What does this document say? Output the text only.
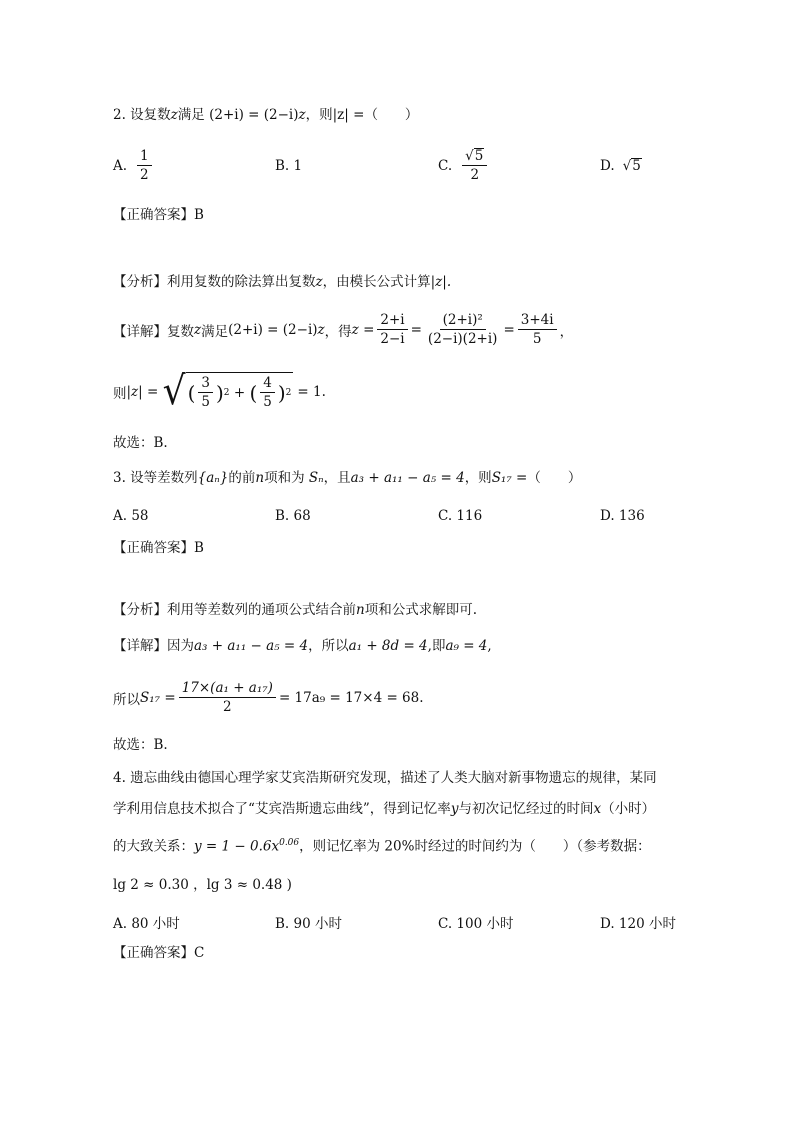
2. 设复数z满足 (2+i) = (2−i)z，则|z| =（　　）
A. $\frac{1}{2}$	B. 1	C. $\frac{√ 5}{2}$	D. √ 5
【正确答案】B
【分析】利用复数的除法算出复数z，由模长公式计算|z|.
【详解】 复数 z 满足 (2+i) = (2−i) z ，得 $z = \frac{2+i}{2-i} = \frac{\text{(2+i)²}}{(2-i)(2+i)} = \frac{3+4i}{5}$ ，
则 |z| = √ ( $\frac{3}{5}$ ) 2 + ( $\frac{4}{5}$ ) 2 = 1.
故选：B.
3. 设等差数列{aₙ}的前n项和为 Sₙ，且a₃ + a₁₁ − a₅ = 4，则S₁₇ =（　　）
A. 58	B. 68	C. 116	D. 136
【正确答案】B
【分析】利用等差数列的通项公式结合前n项和公式求解即可.
【详解】因为a₃ + a₁₁ − a₅ = 4，所以a₁ + 8d = 4,即a₉ = 4,
所以 $S_{17} = \frac{\text{17×(a₁ + a₁₇)}}{2} = 17a_9 = 17\times 4 = 68$.
故选：B.
4. 遗忘曲线由德国心理学家艾宾浩斯研究发现，描述了人类大脑对新事物遗忘的规律，某同
学利用信息技术拟合了“艾宾浩斯遗忘曲线”，得到记忆率y与初次记忆经过的时间x（小时）
的大致关系：$y = 1 - 0.6x^{0.06}$，则记忆率为 20%时经过的时间约为（　　）（参考数据：
lg 2 ≈ 0.30 ，lg 3 ≈ 0.48 )
A. 80 小时	B. 90 小时	C. 100 小时	D. 120 小时
【正确答案】C
